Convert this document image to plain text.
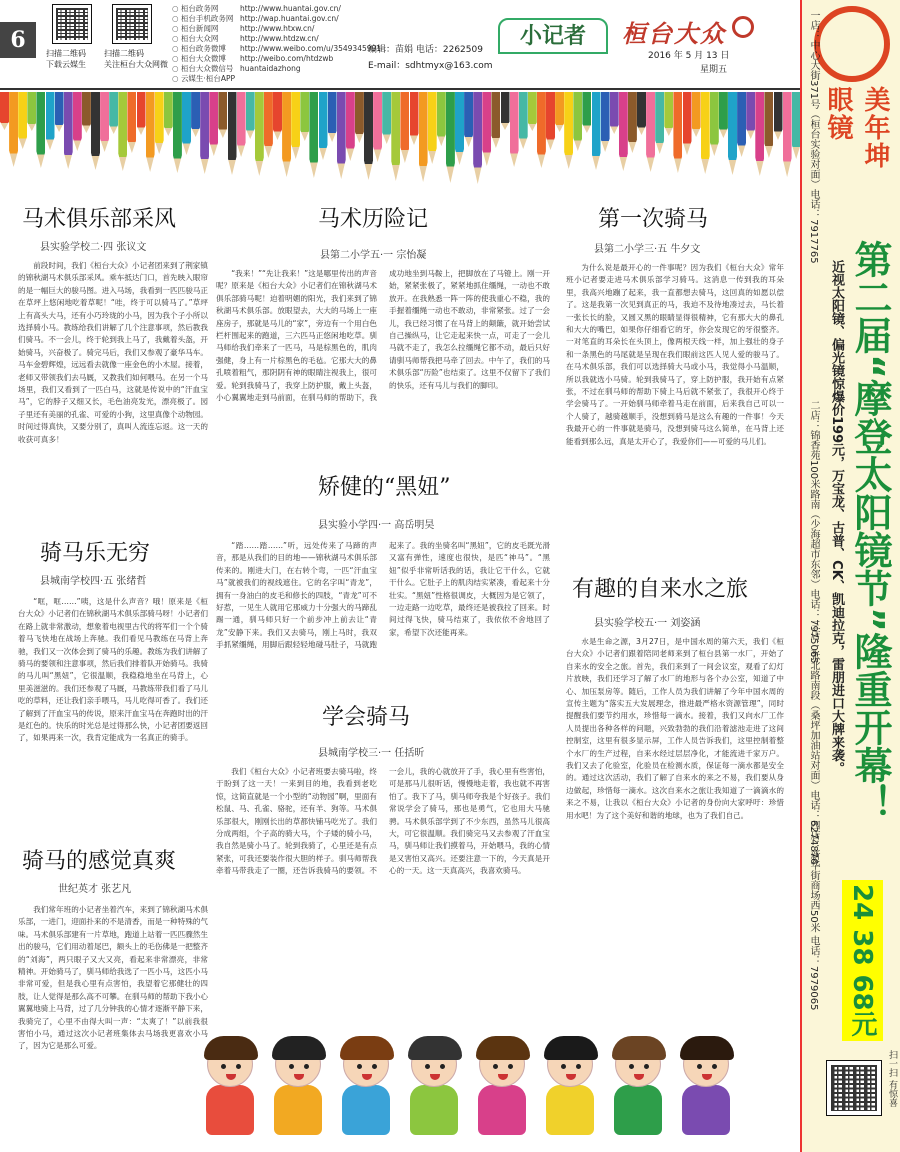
6
扫描二维码
下载云媒生
扫描二维码
关注桓台大众网微
○ 桓台政务网
○ 桓台手机政务网
○ 桓台新闻网
○ 桓台大众网
○ 桓台政务微博
○ 桓台大众微博
○ 桓台大众微信号
○ 云媒生·桓台APP
http://www.huantai.gov.cn/
http://wap.huantai.gov.cn/
http://www.htxw.cn/
http://www.htdzw.cn/
http://www.weibo.com/u/3549345991
http://weibo.com/htdzwb
huantaidazhong
编辑：苗娟 电话：2262509
E-mail：sdhtmyx@163.com
小记者	桓台大众
2016 年 5 月 13 日
星期五
马术俱乐部采风
县实验学校二·四 张议文
前段时间，我们《桓台大众》小记者团来到了荆家镇的锦秋湖马术俱乐部采风。乘车抵达门口，首先映入眼帘的是一幅巨大的骏马图。进入马场，我看到一匹匹骏马正在草坪上悠闲地吃着草呢！“哇，终于可以骑马了。”草坪上有高头大马，还有小巧玲珑的小马，因为我个子小所以选择骑小马。教练给我们讲解了几个注意事项，然后教我们骑马。不一会儿，终于轮到我上马了，我戴着头盔，开始骑马，兴奋极了。骑完马后，我们又参观了豪华马车。马车金碧辉煌，远远看去就像一座金色的小木屋。接着，老师又带领我们去马厩，又教我们如何喂马。在另一个马场里，我们又看到了一匹白马，这就是传说中的“汗血宝马”，它的脖子又细又长，毛色油亮发光，漂亮极了。园子里还有美丽的孔雀、可爱的小狗，这里真像个动物园。时间过得真快，又要分别了，真叫人流连忘返。这一天的收获可真多！
骑马乐无穷
县城南学校四·五 张绪哲
“哐，哐……”咦，这是什么声音？哦！原来是《桓台大众》小记者们在锦秋湖马术俱乐部骑马呀！小记者们在路上就非常激动，想象着电视里古代的将军们一个个骑着马飞快地在战场上奔驰。我们看见马教练在马背上奔驰，我们又一次体会到了骑马的乐趣。教练为我们讲解了骑马的要领和注意事项，然后我们排着队开始骑马。我骑的马儿叫“黑妞”，它很温顺，我稳稳地坐在马背上，心里美滋滋的。我们还参观了马厩，马教练带我们看了马儿吃的草料，还让我们亲手喂马，马儿吃得可香了。我们还了解到了汗血宝马的传说，原来汗血宝马在奔跑时出的汗是红色的。快乐的时光总是过得那么快，小记者团要返回了，如果再来一次，我肯定能成为一名真正的骑手。
骑马的感觉真爽
世纪英才 张艺凡
我们常年班的小记者坐着汽车，来到了锦秋湖马术俱乐部，一进门，迎面扑来的不是清香，而是一种特殊的气味。马术俱乐部建有一片草地，跑道上站着一匹匹骤然生出的骏马，它们用动着尾巴，额头上的毛伤佛是一把整齐的“刘海”，两只眼子又大又亮，看起来非常漂亮，非常精神。开始骑马了，驯马师给我选了一匹小马，这匹小马非常可爱，但是我心里有点害怕，我望着它那健壮的四肢，让人觉得是那么高不可攀。在驯马师的帮助下我小心翼翼地骑上马背，过了几分钟我的心情才逐渐平静下来，我骑完了，心里不由得大叫一声：“太爽了！”以前我很害怕小马，通过这次小记者班集体去马场我更喜欢小马了，因为它是那么可爱。
马术历险记
县第二小学五·一 宗怡凝
“我来！”“先让我来！”这是哪里传出的声音呢？原来是《桓台大众》小记者们在锦秋湖马术俱乐部骑马呢！迫着明媚的阳光，我们来到了锦秋湖马术俱乐部。放眼望去，大大的马场上一座座房子，那就是马儿的“家”，旁边有一个用白色栏杆围起来的跑道，三六匹马正悠闲地吃草。驯马师给我们牵来了一匹马，马是棕黑色的，肌肉强健，身上有一片棕黑色的毛毡。它那大大的鼻孔喷着粗气，那阴阴有神的眼睛注视我上，很可爱。轮到我骑马了，我穿上防护服，戴上头盔，小心翼翼地走到马前面，在驯马师的帮助下，我成功地坐到马鞍上，把脚放在了马镫上。刚一开始，紧紧张极了，紧紧地抓住缰绳，一动也不敢放开。在我熟悉一阵一阵的使我重心不稳，我的手握着缰绳一动也不敢动，非常紧张。过了一会儿，我已经习惯了在马背上的颠簸，就开始尝试自己操纵马，让它走起来快一点，可走了一会儿马就不走了，我怎么拉缰绳它都不动，最后只好请驯马师帮我把马牵了回去。中午了，我们的马术俱乐部“历险”也结束了。这里不仅留下了我们的快乐，还有马儿与我们的脚印。
矫健的“黑妞”
县实验小学四·一 高岳明昊
“踏……踏……”听，远处传来了马蹄的声音，那是从我们的目的地——锦秋湖马术俱乐部传来的。刚进大门，在右转个弯，一匹“汗血宝马”就被我们的视线遮住。它的名字叫“青龙”，拥有一身油白的皮毛和修长的四肢，“青龙”可不好惹，一见生人就用它那威力十分强大的马蹄乱踢一通，驯马师只好一个前步冲上前去让“青龙”安静下来。我们又去骑马，刚上马时，我双手抓紧缰绳，用脚后跟轻轻地碰马肚子，马就跑起来了。我的坐骑名叫“黑妞”，它的皮毛既光滑又富有弹性，速度也很快，是匹“神马”。“黑妞”似乎非常听话我的话，我让它干什么，它就干什么。它肚子上的肌肉结实紧凑，看起来十分壮实。“黑妞”性格很调皮，大概因为是它领了，一边走路一边吃草，最终还是被我拉了回来。时间过得飞快，骑马结束了，我依依不舍地回了家，希望下次还能再来。
学会骑马
县城南学校三·一 任括昕
我们《桓台大众》小记者班要去骑马啦，终于盼到了这一天！一来到目的地，我看到老吃惊，这简直就是一个小型的“动物园”啊，里面有松鼠、马、孔雀、骆驼，还有羊、狗等。马术俱乐部很大，刚刚长出的草都快铺马吃光了。我们分成两组，个子高的骑大马，个子矮的骑小马，我自然是骑小马了。轮到我骑了，心里还是有点紧张，可我还要装作很大胆的样子。驯马师帮我牵着马带我走了一圈，还告诉我骑马的要领。不一会儿，我的心就放开了手，我心里有些害怕，可是那马儿很听话，慢慢地走着，我也就不再害怕了。我下了马，驯马师夸我是个好孩子。我们常说学会了骑马，那也是勇气，它也用大马驰骋。马术俱乐部学到了不少东西，虽然马儿很高大，可它很温顺。我们骑完马又去参观了汗血宝马，驯马师让我们摸着马，开始喂马，我的心情是又害怕又高兴。还要注意一下的，今天真是开心的一天。这一天真高兴，我喜欢骑马。
第一次骑马
县第二小学三·五 牛夕文
为什么说是最开心的一件事呢？因为我们《桓台大众》常年班小记者要走进马术俱乐部学习骑马。这消息一传到我的耳朵里，我高兴地蹦了起来，我一直都想去骑马，这回真的如愿以偿了。这是我第一次见到真正的马，我迫不及待地凑过去，马长着一张长长的脸，又圆又黑的眼睛显得很精神，它有那大大的鼻孔和大大的嘴巴，如果你仔细看它的牙，你会发现它的牙很整齐。一对笔直的耳朵长在头顶上，像两根天线一样，加上强壮的身子和一条黑色的马尾就是呈现在我们眼前这匹人见人爱的骏马了。在马术俱乐部，我们可以选择骑大马或小马，我觉得小马温顺，所以我就选小马骑。轮到我骑马了，穿上防护服，我开始有点紧张，不过在驯马师的帮助下骑上马后就不紧张了，我很开心终于学会骑马了。一开始驯马师牵着马走在前面，后来我自己可以一个人骑了，越骑越顺手，没想到骑马是这么有趣的一件事！今天我最开心的一件事就是骑马，没想到骑马这么简单，在马背上还能看到那么远，真是太开心了，我爱你们——可爱的马儿们。
有趣的自来水之旅
县实验学校五·一 刘姿涵
水是生命之源，3月27日，是中国水周的第六天，我们《桓台大众》小记者们跟着陪同老师来到了桓台县第一水厂，开始了自来水的安全之旅。首先，我们来到了一间会议室，观看了幻灯片放映，我们还学习了解了水厂的地形与各个办公室，知道了中心、加压泵房等。随后，工作人员为我们讲解了今年中国水周的宣传主题为“落实五大发展理念，推进最严格水资源管理”，同时提醒我们要节约用水，珍惜每一滴水。接着，我们又向水厂工作人员提出各种各样的问题，兴致勃勃的我们沿着滤池走进了这间控制室，这里有很多显示屏，工作人员告诉我们，这里控制着整个水厂的生产过程，自来水经过层层净化，才能流进千家万户。我们又去了化验室，化验员在检测水质，保证每一滴水都是安全的。通过这次活动，我们了解了自来水的来之不易，我们要从身边做起，珍惜每一滴水。这次自来水之旅让我知道了一滴滴水的来之不易，让我以《桓台大众》小记者的身份向大家呼吁：珍惜用水吧！为了这个美好和谐的地球，也为了我们自己。
美年坤眼镜
一店：中心大街371号（桓台实验对面）电话：7917765
第二届“摩登太阳镜节”隆重开幕！
近视太阳镜、偏光镜惊爆价199元，万宝龙、古普、CK、凯迪拉克，雷朋进口大牌来袭。
二店：锦香苑100米路南（少海超市东邻）电话：7975065
三店：张北路南段（桑坪加油站对面）电话：6274876
四店：新华街商场西50米 电话：7979065 24 38 68元
扫一扫 有惊喜
